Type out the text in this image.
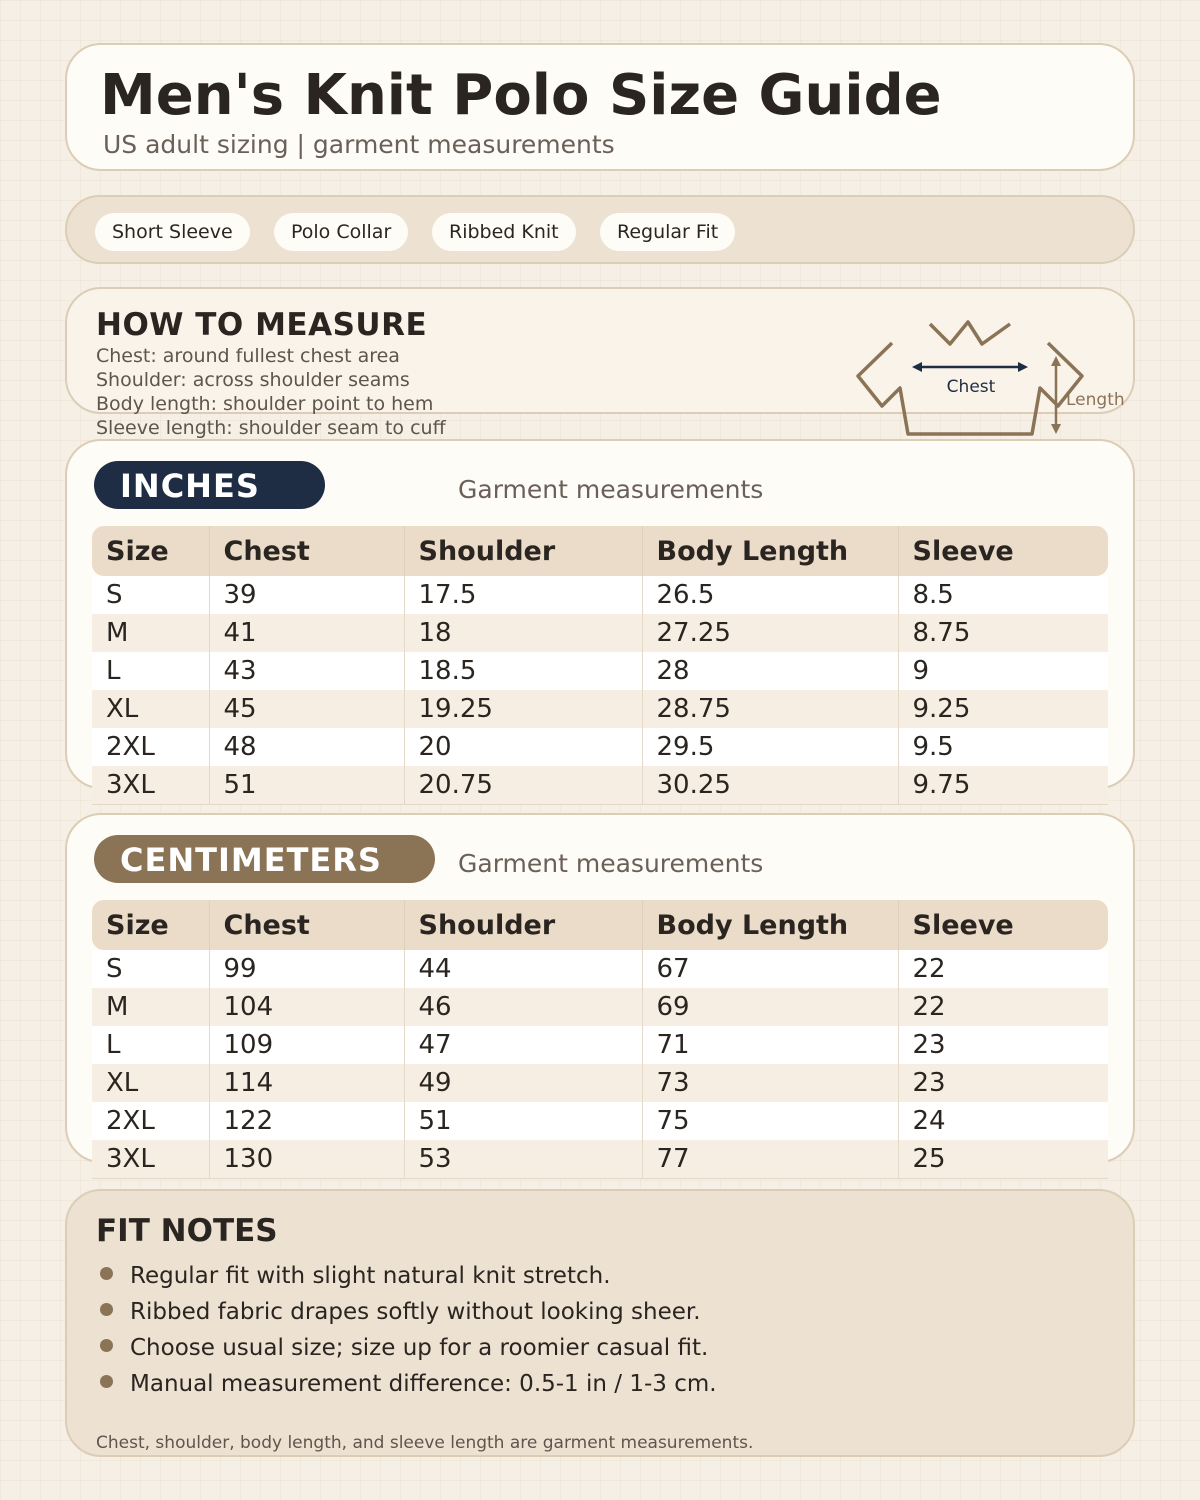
Men's Knit Polo Size Guide
US adult sizing | garment measurements
Short Sleeve	Polo Collar	Ribbed Knit	Regular Fit
HOW TO MEASURE
Chest: around fullest chest area
Shoulder: across shoulder seams
Body length: shoulder point to hem
Sleeve length: shoulder seam to cuff
Chest
Length
INCHES	Garment measurements
Size	Chest	Shoulder	Body Length	Sleeve
S	39	17.5	26.5	8.5
M	41	18	27.25	8.75
L	43	18.5	28	9
XL	45	19.25	28.75	9.25
2XL	48	20	29.5	9.5
3XL	51	20.75	30.25	9.75
CENTIMETERS	Garment measurements
Size	Chest	Shoulder	Body Length	Sleeve
S	99	44	67	22
M	104	46	69	22
L	109	47	71	23
XL	114	49	73	23
2XL	122	51	75	24
3XL	130	53	77	25
FIT NOTES
Regular fit with slight natural knit stretch.
Ribbed fabric drapes softly without looking sheer.
Choose usual size; size up for a roomier casual fit.
Manual measurement difference: 0.5-1 in / 1-3 cm.
Chest, shoulder, body length, and sleeve length are garment measurements.
